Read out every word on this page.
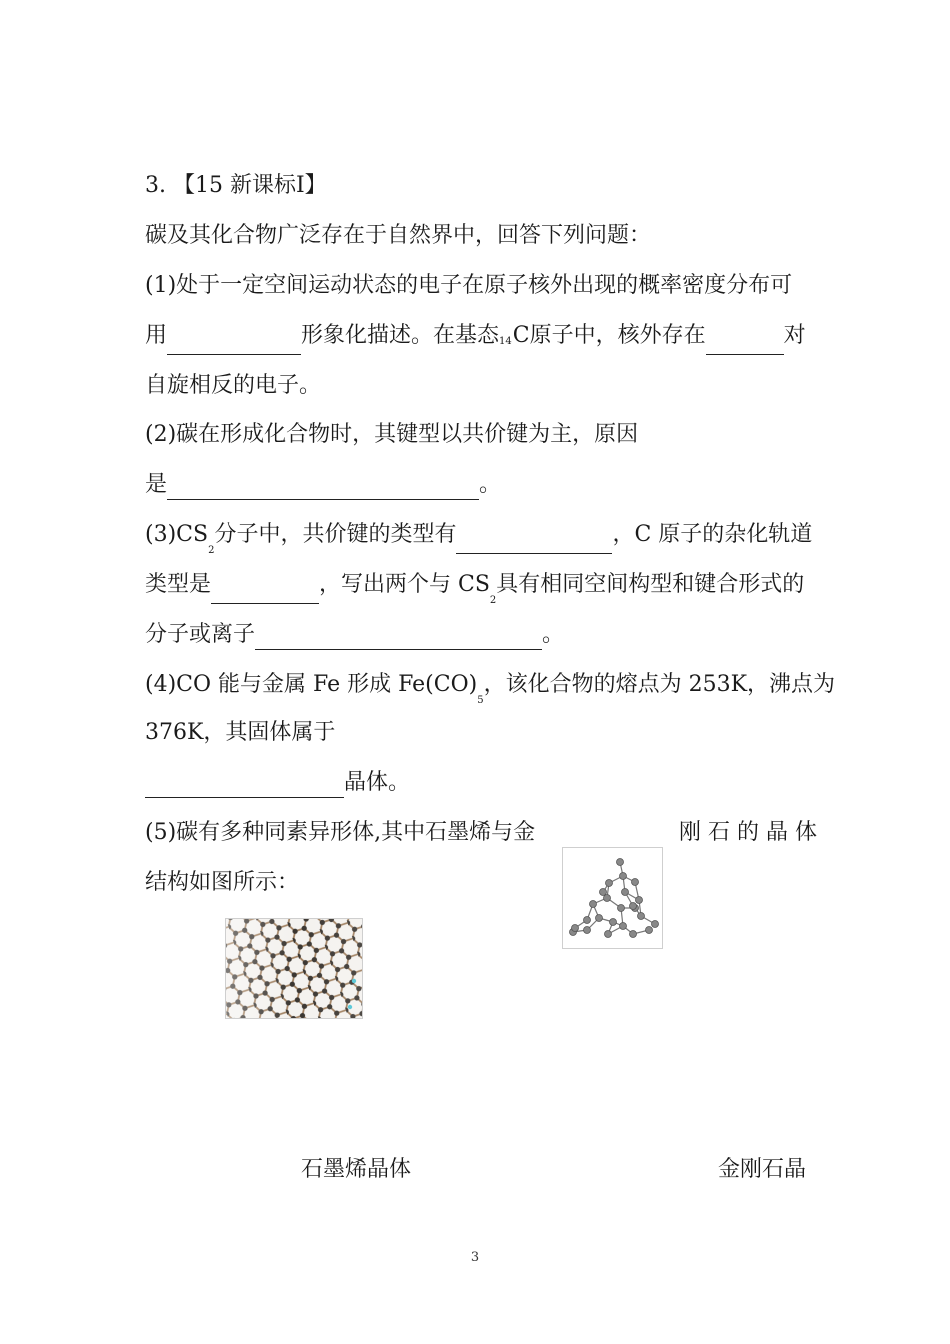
3. 【15 新课标Ⅰ】
碳及其化合物广泛存在于自然界中，回答下列问题：
(1)处于一定空间运动状态的电子在原子核外出现的概率密度分布可
用	形象化描述。在基态14C原子中，核外存在	对
自旋相反的电子。
(2)碳在形成化合物时，其键型以共价键为主，原因
是	。
$(3)CS_2$分子中，共价键的类型有	，C 原子的杂化轨道
类型是	，写出两个与 $CS_2$具有相同空间构型和键合形式的
分子或离子	。
(4)CO 能与金属 Fe 形成 $Fe(CO)_5$，该化合物的熔点为 253K，沸点为
376K，其固体属于
晶体。
(5)碳有多种同素异形体,其中石墨烯与金	刚 石 的 晶 体
结构如图所示：
石墨烯晶体	金刚石晶
3
